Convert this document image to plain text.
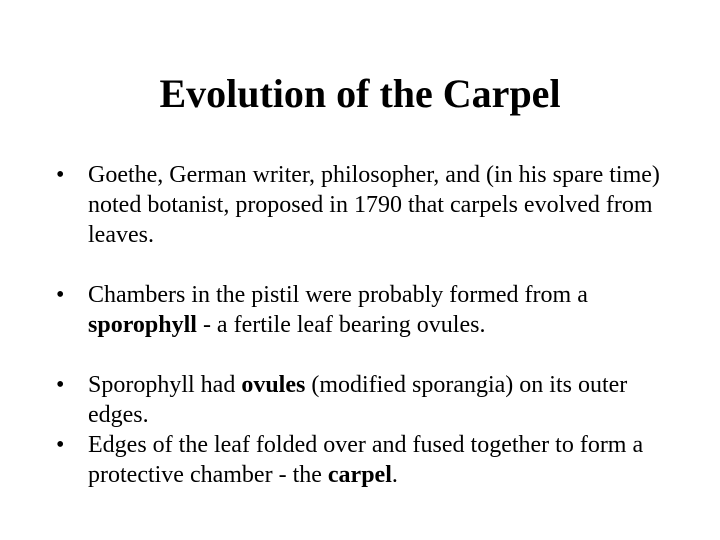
Evolution of the Carpel
• Goethe, German writer, philosopher, and (in his spare time) noted botanist, proposed in 1790 that carpels evolved from leaves.
• Chambers in the pistil were probably formed from a sporophyll - a fertile leaf bearing ovules.
• Sporophyll had ovules (modified sporangia) on its outer edges.
• Edges of the leaf folded over and fused together to form a protective chamber - the carpel.
